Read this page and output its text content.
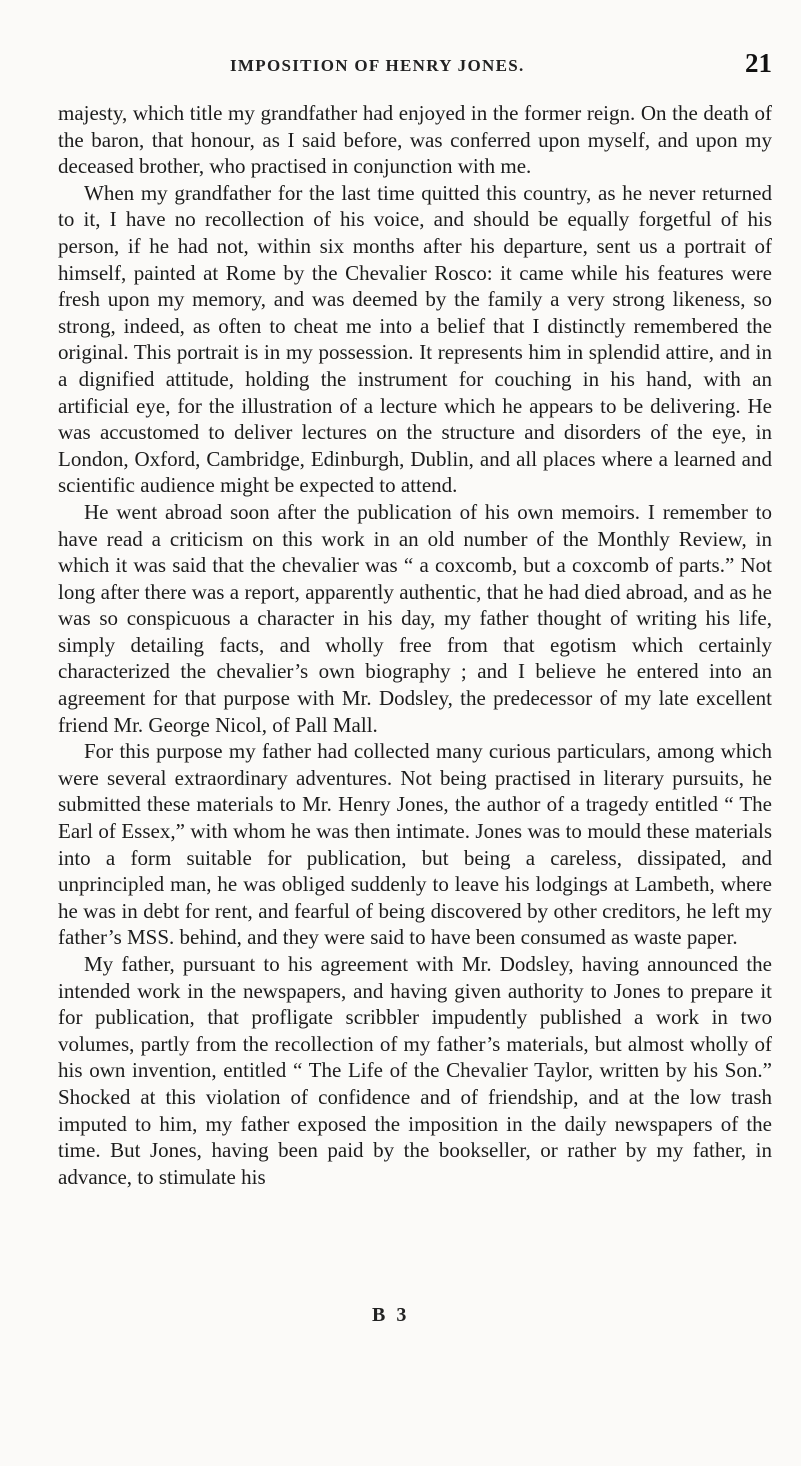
IMPOSITION OF HENRY JONES.	21

majesty, which title my grandfather had enjoyed in the former reign. On the death of the baron, that honour, as I said before, was conferred upon myself, and upon my deceased brother, who practised in conjunction with me.

When my grandfather for the last time quitted this country, as he never returned to it, I have no recollection of his voice, and should be equally forgetful of his person, if he had not, within six months after his departure, sent us a portrait of himself, painted at Rome by the Chevalier Rosco: it came while his features were fresh upon my memory, and was deemed by the family a very strong likeness, so strong, indeed, as often to cheat me into a belief that I distinctly remembered the original. This portrait is in my possession. It represents him in splendid attire, and in a dignified attitude, holding the instrument for couching in his hand, with an artificial eye, for the illustration of a lecture which he appears to be delivering. He was accustomed to deliver lectures on the structure and disorders of the eye, in London, Oxford, Cambridge, Edinburgh, Dublin, and all places where a learned and scientific audience might be expected to attend.

He went abroad soon after the publication of his own memoirs. I remember to have read a criticism on this work in an old number of the Monthly Review, in which it was said that the chevalier was “ a coxcomb, but a coxcomb of parts.” Not long after there was a report, apparently authentic, that he had died abroad, and as he was so conspicuous a character in his day, my father thought of writing his life, simply detailing facts, and wholly free from that egotism which certainly characterized the chevalier’s own biography ; and I believe he entered into an agreement for that purpose with Mr. Dodsley, the predecessor of my late excellent friend Mr. George Nicol, of Pall Mall.

For this purpose my father had collected many curious particulars, among which were several extraordinary adventures. Not being practised in literary pursuits, he submitted these materials to Mr. Henry Jones, the author of a tragedy entitled “ The Earl of Essex,” with whom he was then intimate. Jones was to mould these materials into a form suitable for publication, but being a careless, dissipated, and unprincipled man, he was obliged suddenly to leave his lodgings at Lambeth, where he was in debt for rent, and fearful of being discovered by other creditors, he left my father’s MSS. behind, and they were said to have been consumed as waste paper.

My father, pursuant to his agreement with Mr. Dodsley, having announced the intended work in the newspapers, and having given authority to Jones to prepare it for publication, that profligate scribbler impudently published a work in two volumes, partly from the recollection of my father’s materials, but almost wholly of his own invention, entitled “ The Life of the Chevalier Taylor, written by his Son.” Shocked at this violation of confidence and of friendship, and at the low trash imputed to him, my father exposed the imposition in the daily newspapers of the time. But Jones, having been paid by the bookseller, or rather by my father, in advance, to stimulate his

B 3
